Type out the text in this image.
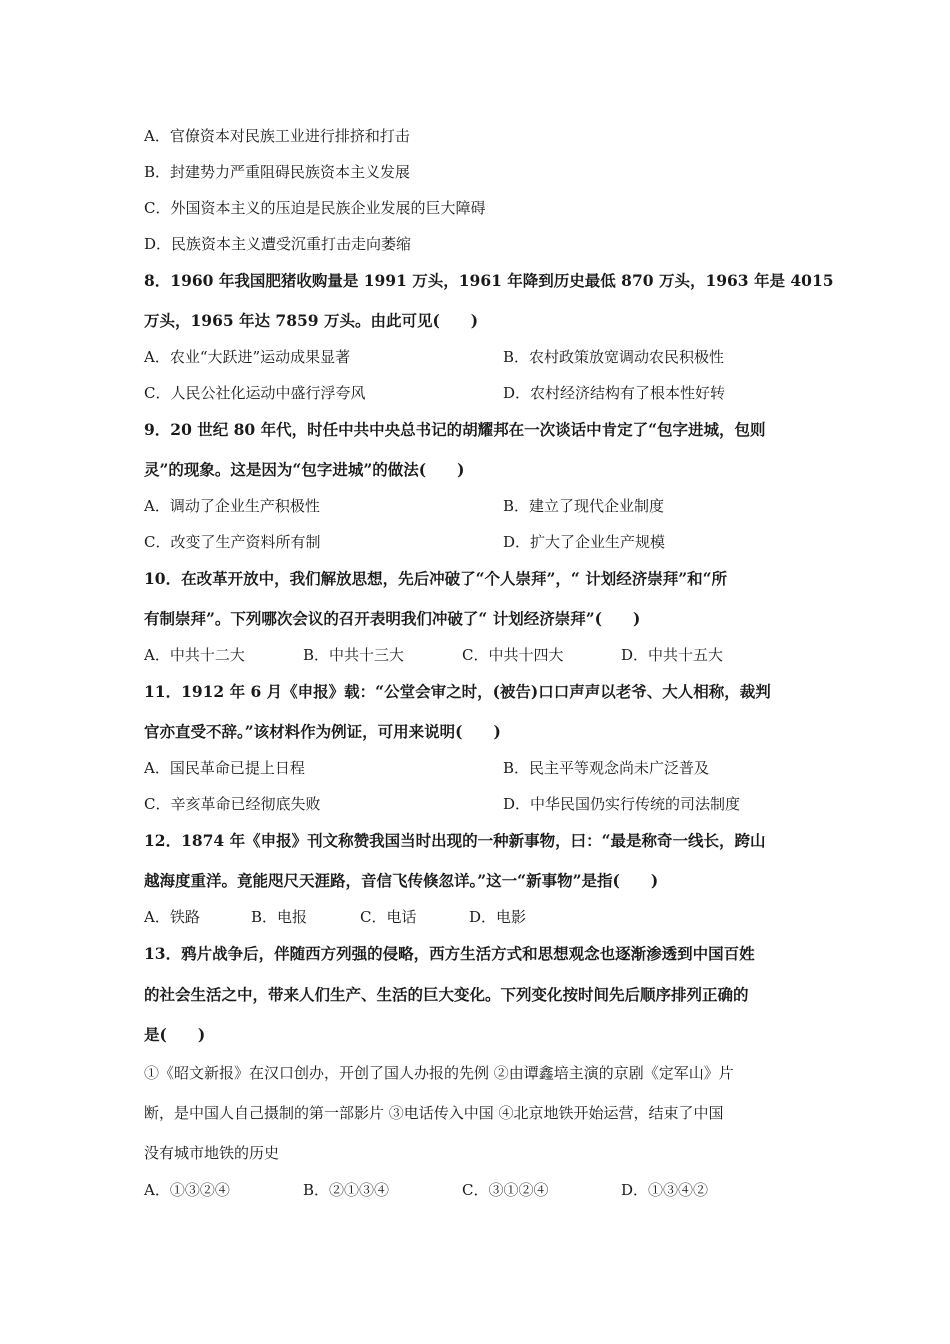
A．官僚资本对民族工业进行排挤和打击
B．封建势力严重阻碍民族资本主义发展
C．外国资本主义的压迫是民族企业发展的巨大障碍
D．民族资本主义遭受沉重打击走向萎缩
8．1960 年我国肥猪收购量是 1991 万头，1961 年降到历史最低 870 万头，1963 年是 4015
万头，1965 年达 7859 万头。由此可见(　　)
A．农业“大跃进”运动成果显著	B．农村政策放宽调动农民积极性
C．人民公社化运动中盛行浮夸风	D．农村经济结构有了根本性好转
9．20 世纪 80 年代，时任中共中央总书记的胡耀邦在一次谈话中肯定了“包字进城，包则
灵”的现象。这是因为“包字进城”的做法(　　)
A．调动了企业生产积极性	B．建立了现代企业制度
C．改变了生产资料所有制	D．扩大了企业生产规模
10．在改革开放中，我们解放思想，先后冲破了“个人崇拜”，“ 计划经济崇拜”和“所
有制崇拜”。下列哪次会议的召开表明我们冲破了“ 计划经济崇拜”(　　)
A．中共十二大	B．中共十三大	C．中共十四大	D．中共十五大
11．1912 年 6 月《申报》载：“公堂会审之时，(被告)口口声声以老爷、大人相称，裁判
官亦直受不辞。”该材料作为例证，可用来说明(　　)
A．国民革命已提上日程	B．民主平等观念尚未广泛普及
C．辛亥革命已经彻底失败	D．中华民国仍实行传统的司法制度
12．1874 年《申报》刊文称赞我国当时出现的一种新事物，曰：“最是称奇一线长，跨山
越海度重洋。竟能咫尺天涯路，音信飞传倏忽详。”这一“新事物”是指(　　)
A．铁路	B．电报	C．电话	D．电影
13．鸦片战争后，伴随西方列强的侵略，西方生活方式和思想观念也逐渐渗透到中国百姓
的社会生活之中，带来人们生产、生活的巨大变化。下列变化按时间先后顺序排列正确的
是(　　)
①《昭文新报》在汉口创办，开创了国人办报的先例 ②由谭鑫培主演的京剧《定军山》片
断，是中国人自己摄制的第一部影片 ③电话传入中国 ④北京地铁开始运营，结束了中国
没有城市地铁的历史
A．①③②④	B．②①③④	C．③①②④	D．①③④②
